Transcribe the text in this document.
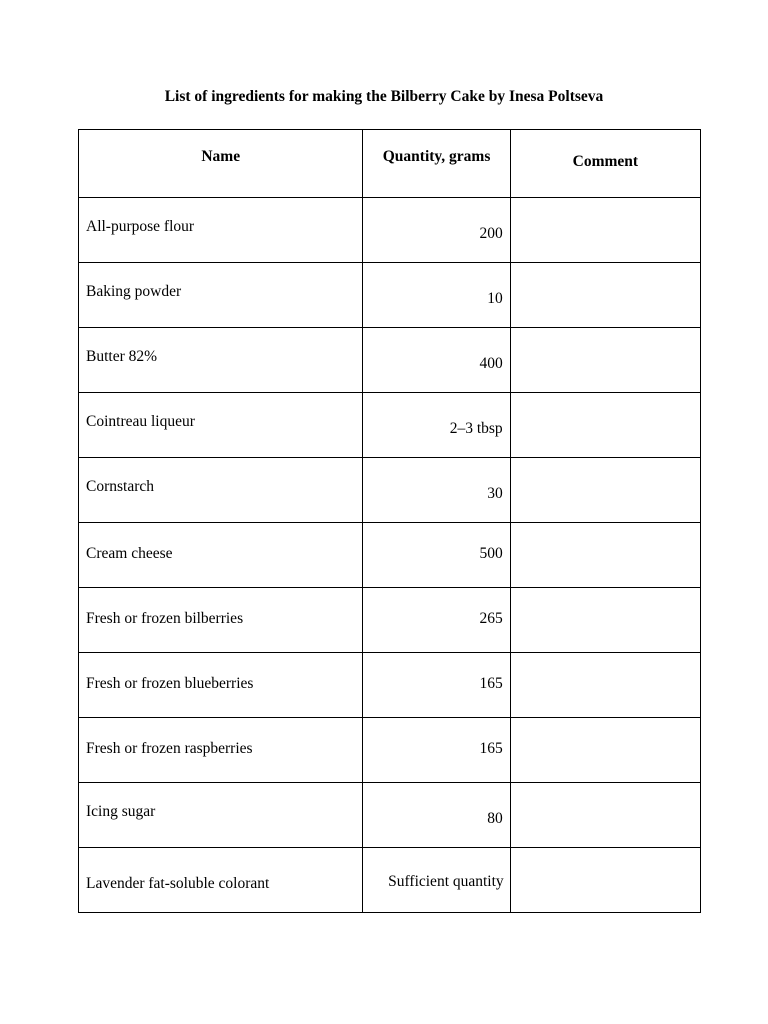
List of ingredients for making the Bilberry Cake by Inesa Poltseva
Name	Quantity, grams	Comment

All-purpose flour	200	

Baking powder	10	

Butter 82%	400	

Cointreau liqueur	2–3 tbsp	

Cornstarch	30	

Cream cheese	500	

Fresh or frozen bilberries	265	

Fresh or frozen blueberries	165	

Fresh or frozen raspberries	165	

Icing sugar	80	

Lavender fat-soluble colorant	Sufficient quantity	
